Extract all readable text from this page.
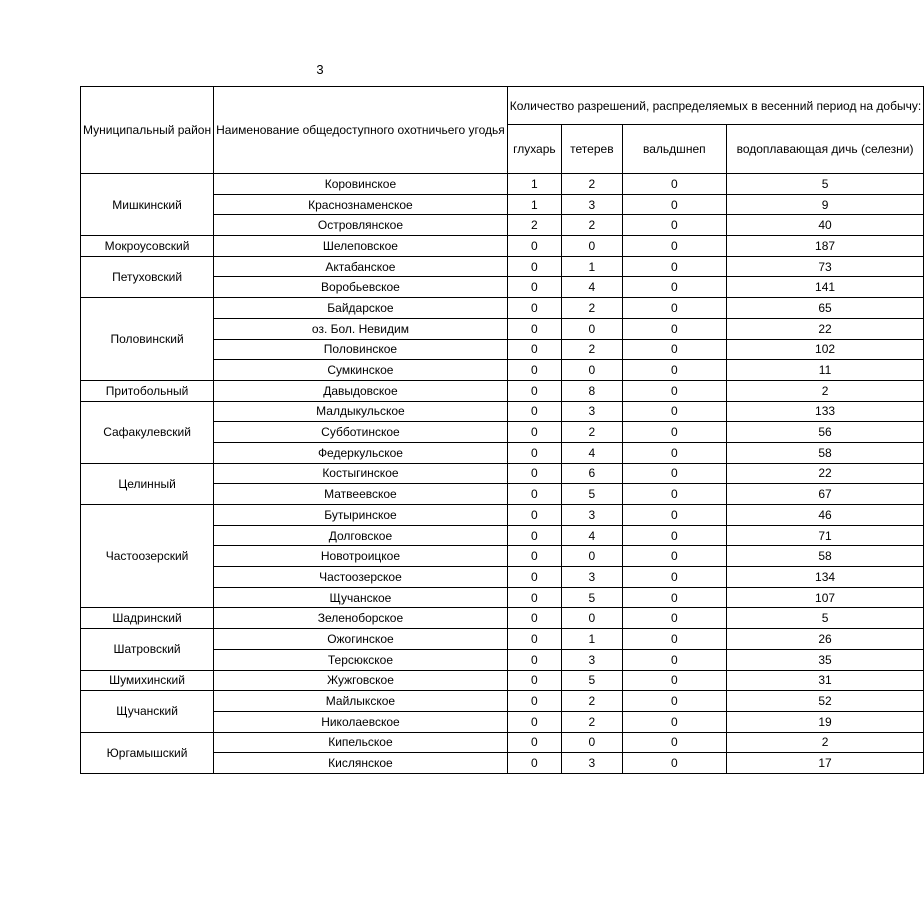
3
Муниципальный район	Наименование общедоступного охотничьего угодья	Количество разрешений, распределяемых в весенний период на добычу:			
		глухарь	тетерев	вальдшнеп	водоплавающая дичь (селезни)
Мишкинский	Коровинское	1	2	0	5
	Краснознаменское	1	3	0	9
	Островлянское	2	2	0	40
Мокроусовский	Шелеповское	0	0	0	187
Петуховский	Актабанское	0	1	0	73
	Воробьевское	0	4	0	141
Половинский	Байдарское	0	2	0	65
	оз. Бол. Невидим	0	0	0	22
	Половинское	0	2	0	102
	Сумкинское	0	0	0	11
Притобольный	Давыдовское	0	8	0	2
Сафакулевский	Малдыкульское	0	3	0	133
	Субботинское	0	2	0	56
	Федеркульское	0	4	0	58
Целинный	Костыгинское	0	6	0	22
	Матвеевское	0	5	0	67
Частоозерский	Бутыринское	0	3	0	46
	Долговское	0	4	0	71
	Новотроицкое	0	0	0	58
	Частоозерское	0	3	0	134
	Щучанское	0	5	0	107
Шадринский	Зеленоборское	0	0	0	5
Шатровский	Ожогинское	0	1	0	26
	Терсюкское	0	3	0	35
Шумихинский	Жужговское	0	5	0	31
Щучанский	Майлыкское	0	2	0	52
	Николаевское	0	2	0	19
Юргамышский	Кипельское	0	0	0	2
	Кислянское	0	3	0	17
